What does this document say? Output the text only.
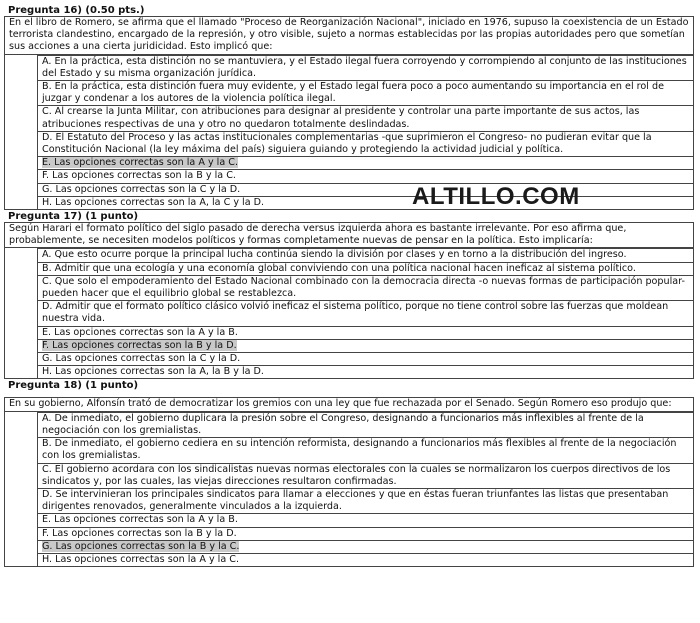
Pregunta 16) (0.50 pts.)
En el libro de Romero, se afirma que el llamado "Proceso de Reorganización Nacional", iniciado en 1976, supuso la coexistencia de un Estado terrorista clandestino, encargado de la represión, y otro visible, sujeto a normas establecidas por las propias autoridades pero que sometían sus acciones a una cierta juridicidad. Esto implicó que:
A. En la práctica, esta distinción no se mantuviera, y el Estado ilegal fuera corroyendo y corrompiendo al conjunto de las instituciones del Estado y su misma organización jurídica.
B. En la práctica, esta distinción fuera muy evidente, y el Estado legal fuera poco a poco aumentando su importancia en el rol de juzgar y condenar a los autores de la violencia política ilegal.
C. Al crearse la Junta Militar, con atribuciones para designar al presidente y controlar una parte importante de sus actos, las atribuciones respectivas de una y otro no quedaron totalmente deslindadas.
D. El Estatuto del Proceso y las actas institucionales complementarias -que suprimieron el Congreso- no pudieran evitar que la Constitución Nacional (la ley máxima del país) siguiera guiando y protegiendo la actividad judicial y política.
E. Las opciones correctas son la A y la C.
F. Las opciones correctas son la B y la C.
G. Las opciones correctas son la C y la D.
H. Las opciones correctas son la A, la C y la D.
Pregunta 17) (1 punto)
Según Harari el formato político del siglo pasado de derecha versus izquierda ahora es bastante irrelevante. Por eso afirma que, probablemente, se necesiten modelos políticos y formas completamente nuevas de pensar en la política. Esto implicaría:
A. Que esto ocurre porque la principal lucha continúa siendo la división por clases y en torno a la distribución del ingreso.
B. Admitir que una ecología y una economía global conviviendo con una política nacional hacen ineficaz al sistema político.
C. Que solo el empoderamiento del Estado Nacional combinado con la democracia directa -o nuevas formas de participación popular- pueden hacer que el equilibrio global se restablezca.
D. Admitir que el formato político clásico volvió ineficaz el sistema político, porque no tiene control sobre las fuerzas que moldean nuestra vida.
E. Las opciones correctas son la A y la B.
F. Las opciones correctas son la B y la D.
G. Las opciones correctas son la C y la D.
H. Las opciones correctas son la A, la B y la D.
Pregunta 18) (1 punto)
En su gobierno, Alfonsín trató de democratizar los gremios con una ley que fue rechazada por el Senado. Según Romero eso produjo que:
A. De inmediato, el gobierno duplicara la presión sobre el Congreso, designando a funcionarios más inflexibles al frente de la negociación con los gremialistas.
B. De inmediato, el gobierno cediera en su intención reformista, designando a funcionarios más flexibles al frente de la negociación con los gremialistas.
C. El gobierno acordara con los sindicalistas nuevas normas electorales con la cuales se normalizaron los cuerpos directivos de los sindicatos y, por las cuales, las viejas direcciones resultaron confirmadas.
D. Se intervinieran los principales sindicatos para llamar a elecciones y que en éstas fueran triunfantes las listas que presentaban dirigentes renovados, generalmente vinculados a la izquierda.
E. Las opciones correctas son la A y la B.
F. Las opciones correctas son la B y la D.
G. Las opciones correctas son la B y la C.
H. Las opciones correctas son la A y la C.
ALTILLO.COM
